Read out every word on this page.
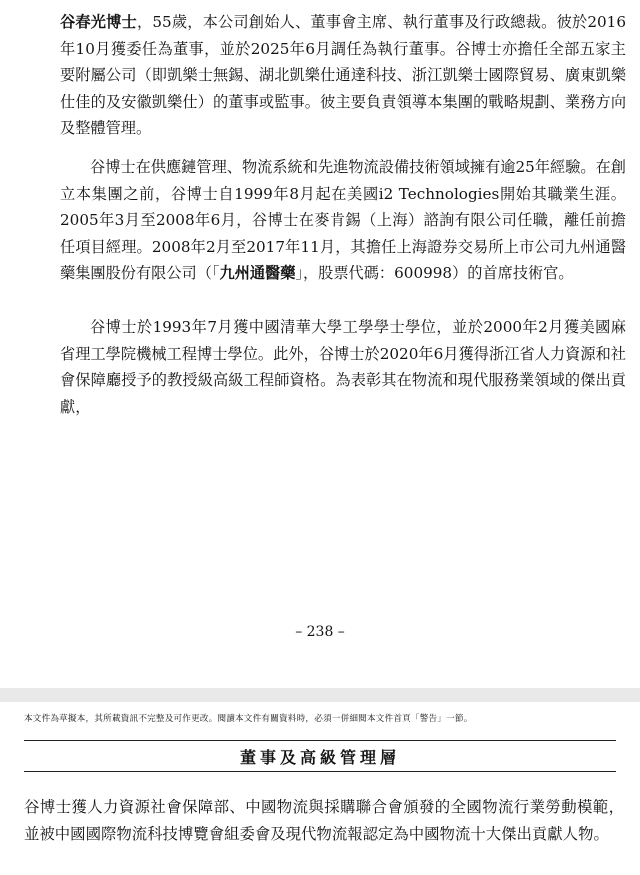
谷春光博士，55歲，本公司創始人、董事會主席、執行董事及行政總裁。彼於2016年10月獲委任為董事，並於2025年6月調任為執行董事。谷博士亦擔任全部五家主要附屬公司（即凱樂士無錫、湖北凱樂仕通達科技、浙江凱樂士國際貿易、廣東凱樂仕佳的及安徽凱樂仕）的董事或監事。彼主要負責領導本集團的戰略規劃、業務方向及整體管理。

谷博士在供應鏈管理、物流系統和先進物流設備技術領域擁有逾25年經驗。在創立本集團之前，谷博士自1999年8月起在美國i2 Technologies開始其職業生涯。2005年3月至2008年6月，谷博士在麥肯錫（上海）諮詢有限公司任職，離任前擔任項目經理。2008年2月至2017年11月，其擔任上海證券交易所上市公司九州通醫藥集團股份有限公司（「九州通醫藥」，股票代碼：600998）的首席技術官。

谷博士於1993年7月獲中國清華大學工學學士學位，並於2000年2月獲美國麻省理工學院機械工程博士學位。此外，谷博士於2020年6月獲得浙江省人力資源和社會保障廳授予的教授級高級工程師資格。為表彰其在物流和現代服務業領域的傑出貢獻，

– 238 –
本文件為草擬本，其所載資訊不完整及可作更改。閱讀本文件有關資料時，必須一併細閱本文件首頁「警告」一節。
董事及高級管理層

谷博士獲人力資源社會保障部、中國物流與採購聯合會頒發的全國物流行業勞動模範，並被中國國際物流科技博覽會組委會及現代物流報認定為中國物流十大傑出貢獻人物。
